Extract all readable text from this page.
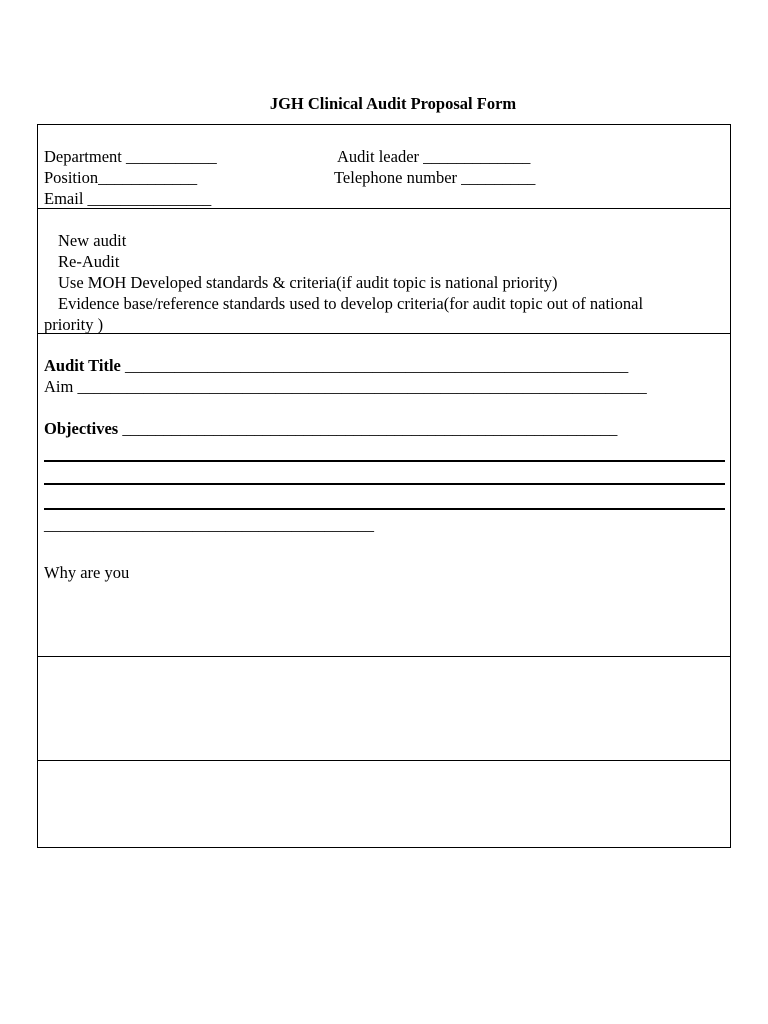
JGH Clinical Audit Proposal Form
Department ___________	Audit leader _____________
Position____________	Telephone number _________
Email _______________
New audit
Re-Audit
Use MOH Developed standards & criteria(if audit topic is national priority)
Evidence base/reference standards used to develop criteria(for audit topic out of national
priority )
Audit Title _____________________________________________________________
Aim _____________________________________________________________________
Objectives ____________________________________________________________
________________________________________
Why are you
